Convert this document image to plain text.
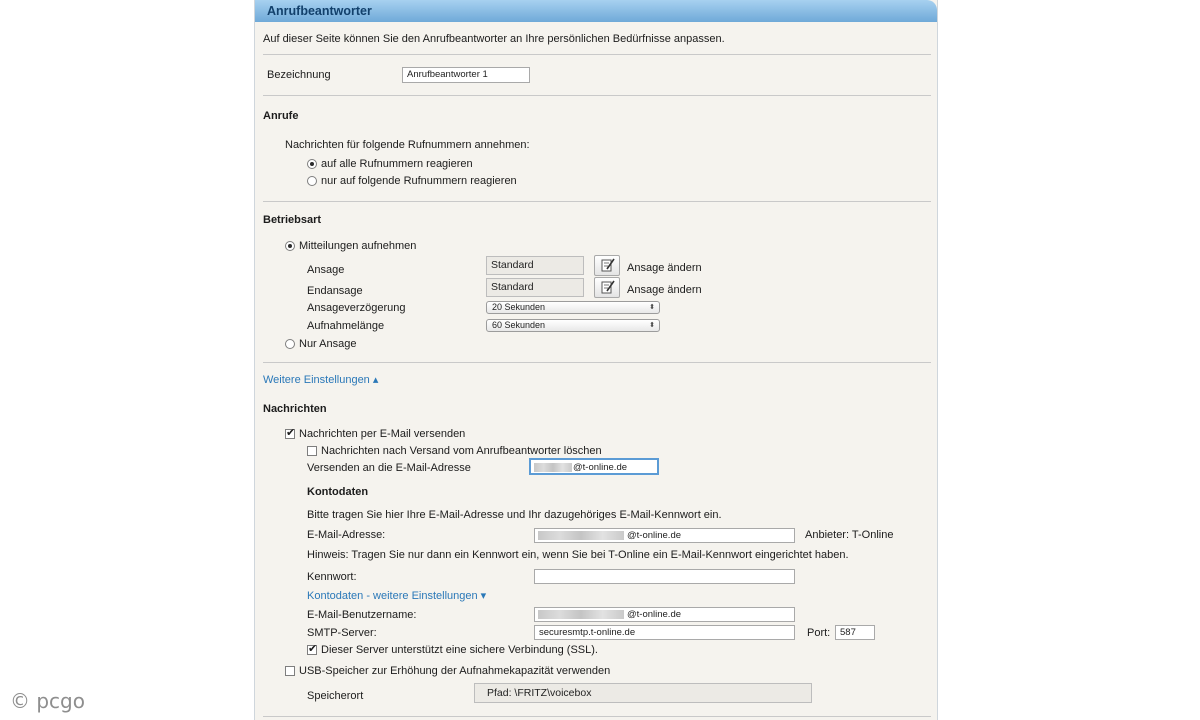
Anrufbeantworter
Auf dieser Seite können Sie den Anrufbeantworter an Ihre persönlichen Bedürfnisse anpassen.
Bezeichnung	Anrufbeantworter 1
Anrufe
Nachrichten für folgende Rufnummern annehmen:
auf alle Rufnummern reagieren
nur auf folgende Rufnummern reagieren
Betriebsart
Mitteilungen aufnehmen
Ansage	Standard	Ansage ändern
Endansage	Standard	Ansage ändern
Ansageverzögerung	20 Sekunden	⬍
Aufnahmelänge	60 Sekunden	⬍
Nur Ansage
Weitere Einstellungen ▴
Nachrichten
✔
Nachrichten per E-Mail versenden
Nachrichten nach Versand vom Anrufbeantworter löschen
Versenden an die E-Mail-Adresse	@t-online.de
Kontodaten
Bitte tragen Sie hier Ihre E-Mail-Adresse und Ihr dazugehöriges E-Mail-Kennwort ein.
E-Mail-Adresse:	@t-online.de	Anbieter: T-Online
Hinweis: Tragen Sie nur dann ein Kennwort ein, wenn Sie bei T-Online ein E-Mail-Kennwort eingerichtet haben.
Kennwort:
Kontodaten - weitere Einstellungen ▾
E-Mail-Benutzername:	@t-online.de
SMTP-Server:	securesmtp.t-online.de	Port:	587
✔
Dieser Server unterstützt eine sichere Verbindung (SSL).
USB-Speicher zur Erhöhung der Aufnahmekapazität verwenden
Speicherort	Pfad: \FRITZ\voicebox
© pcgo
